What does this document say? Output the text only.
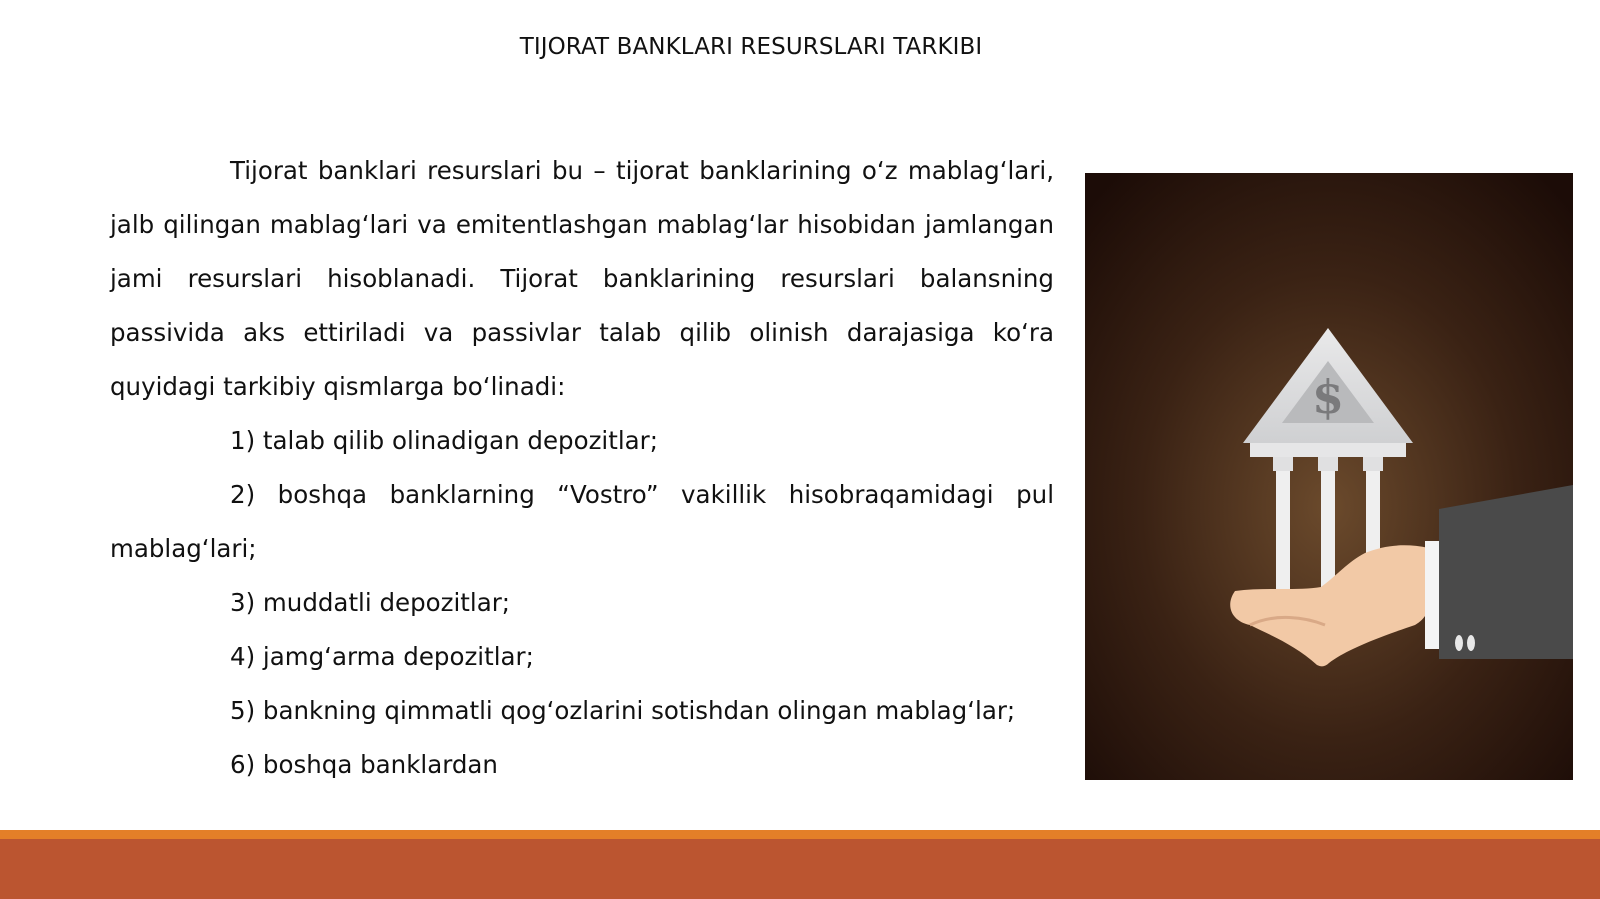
TIJORAT BANKLARI RESURSLARI TARKIBI

Tijorat banklari resurslari bu – tijorat banklarining o‘z mablag‘lari, jalb qilingan mablag‘lari va emitentlashgan mablag‘lar hisobidan jamlangan jami resurslari hisoblanadi. Tijorat banklarining resurslari balansning passivida aks ettiriladi va passivlar talab qilib olinish darajasiga ko‘ra quyidagi tarkibiy qismlarga bo‘linadi:

1) talab qilib olinadigan depozitlar;

2) boshqa banklarning “Vostro” vakillik hisobraqamidagi pul mablag‘lari;

3) muddatli depozitlar;

4) jamg‘arma depozitlar;

5) bankning qimmatli qog‘ozlarini sotishdan olingan mablag‘lar;

6) boshqa banklardan

$
